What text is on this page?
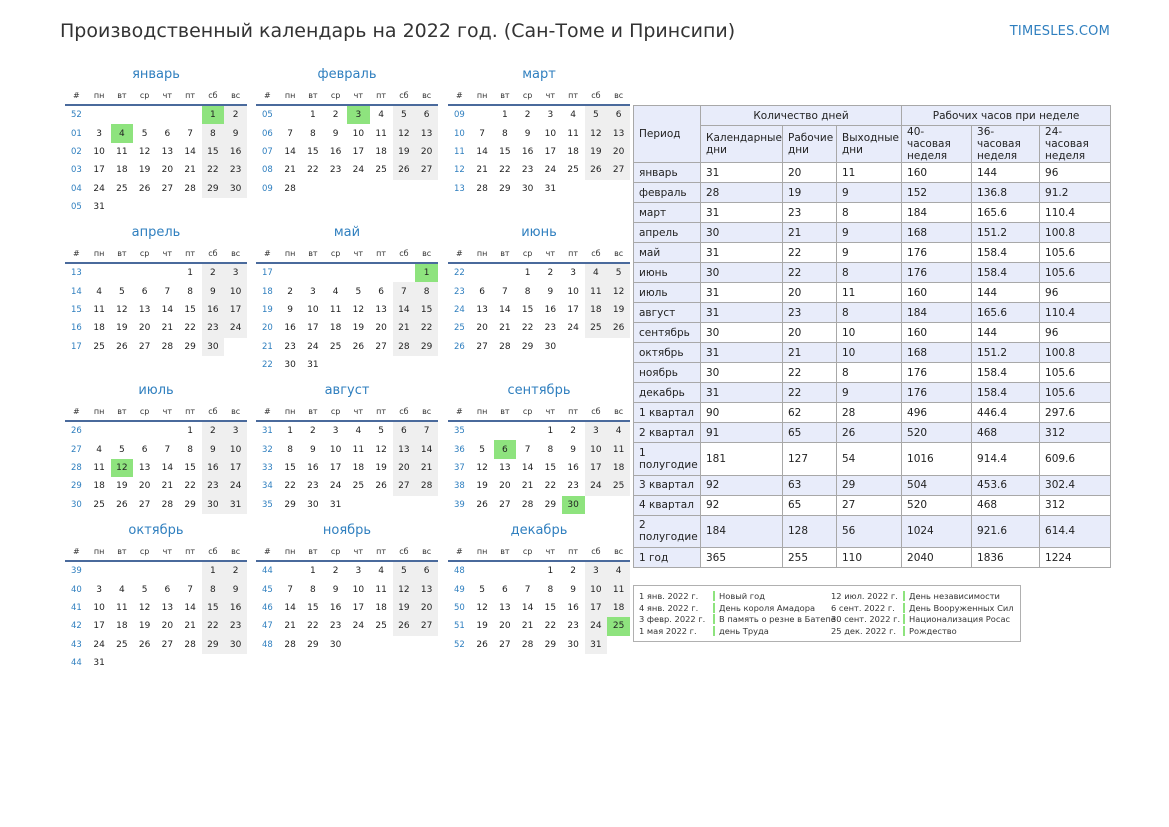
Производственный календарь на 2022 год. (Сан-Томе и Принсипи)	TIMESLES.COM
январь
#	пн	вт	ср	чт	пт	сб	вс
52						1	2
01	3	4	5	6	7	8	9
02	10	11	12	13	14	15	16
03	17	18	19	20	21	22	23
04	24	25	26	27	28	29	30
05	31						
февраль
#	пн	вт	ср	чт	пт	сб	вс
05		1	2	3	4	5	6
06	7	8	9	10	11	12	13
07	14	15	16	17	18	19	20
08	21	22	23	24	25	26	27
09	28						
март
#	пн	вт	ср	чт	пт	сб	вс
09		1	2	3	4	5	6
10	7	8	9	10	11	12	13
11	14	15	16	17	18	19	20
12	21	22	23	24	25	26	27
13	28	29	30	31			
апрель
#	пн	вт	ср	чт	пт	сб	вс
13					1	2	3
14	4	5	6	7	8	9	10
15	11	12	13	14	15	16	17
16	18	19	20	21	22	23	24
17	25	26	27	28	29	30	
май
#	пн	вт	ср	чт	пт	сб	вс
17							1
18	2	3	4	5	6	7	8
19	9	10	11	12	13	14	15
20	16	17	18	19	20	21	22
21	23	24	25	26	27	28	29
22	30	31					
июнь
#	пн	вт	ср	чт	пт	сб	вс
22			1	2	3	4	5
23	6	7	8	9	10	11	12
24	13	14	15	16	17	18	19
25	20	21	22	23	24	25	26
26	27	28	29	30			
июль
#	пн	вт	ср	чт	пт	сб	вс
26					1	2	3
27	4	5	6	7	8	9	10
28	11	12	13	14	15	16	17
29	18	19	20	21	22	23	24
30	25	26	27	28	29	30	31
август
#	пн	вт	ср	чт	пт	сб	вс
31	1	2	3	4	5	6	7
32	8	9	10	11	12	13	14
33	15	16	17	18	19	20	21
34	22	23	24	25	26	27	28
35	29	30	31				
сентябрь
#	пн	вт	ср	чт	пт	сб	вс
35				1	2	3	4
36	5	6	7	8	9	10	11
37	12	13	14	15	16	17	18
38	19	20	21	22	23	24	25
39	26	27	28	29	30		
октябрь
#	пн	вт	ср	чт	пт	сб	вс
39						1	2
40	3	4	5	6	7	8	9
41	10	11	12	13	14	15	16
42	17	18	19	20	21	22	23
43	24	25	26	27	28	29	30
44	31						
ноябрь
#	пн	вт	ср	чт	пт	сб	вс
44		1	2	3	4	5	6
45	7	8	9	10	11	12	13
46	14	15	16	17	18	19	20
47	21	22	23	24	25	26	27
48	28	29	30				
декабрь
#	пн	вт	ср	чт	пт	сб	вс
48				1	2	3	4
49	5	6	7	8	9	10	11
50	12	13	14	15	16	17	18
51	19	20	21	22	23	24	25
52	26	27	28	29	30	31	
Период	Количество дней			Рабочих часов при неделе		
	Календарные дни	Рабочие дни	Выходные дни	40-часовая неделя	36-часовая неделя	24-часовая неделя
январь	31	20	11	160	144	96
февраль	28	19	9	152	136.8	91.2
март	31	23	8	184	165.6	110.4
апрель	30	21	9	168	151.2	100.8
май	31	22	9	176	158.4	105.6
июнь	30	22	8	176	158.4	105.6
июль	31	20	11	160	144	96
август	31	23	8	184	165.6	110.4
сентябрь	30	20	10	160	144	96
октябрь	31	21	10	168	151.2	100.8
ноябрь	30	22	8	176	158.4	105.6
декабрь	31	22	9	176	158.4	105.6
1 квартал	90	62	28	496	446.4	297.6
2 квартал	91	65	26	520	468	312
1 полугодие	181	127	54	1016	914.4	609.6
3 квартал	92	63	29	504	453.6	302.4
4 квартал	92	65	27	520	468	312
2 полугодие	184	128	56	1024	921.6	614.4
1 год	365	255	110	2040	1836	1224
1 янв. 2022 г.	Новый год
4 янв. 2022 г.	День короля Амадора
3 февр. 2022 г. В память о резне в Батепе
1 мая 2022 г.	день Труда
12 июл. 2022 г. День независимости
6 сент. 2022 г. День Вооруженных Сил
30 сент. 2022 г. Национализация Росас
25 дек. 2022 г. Рождество
